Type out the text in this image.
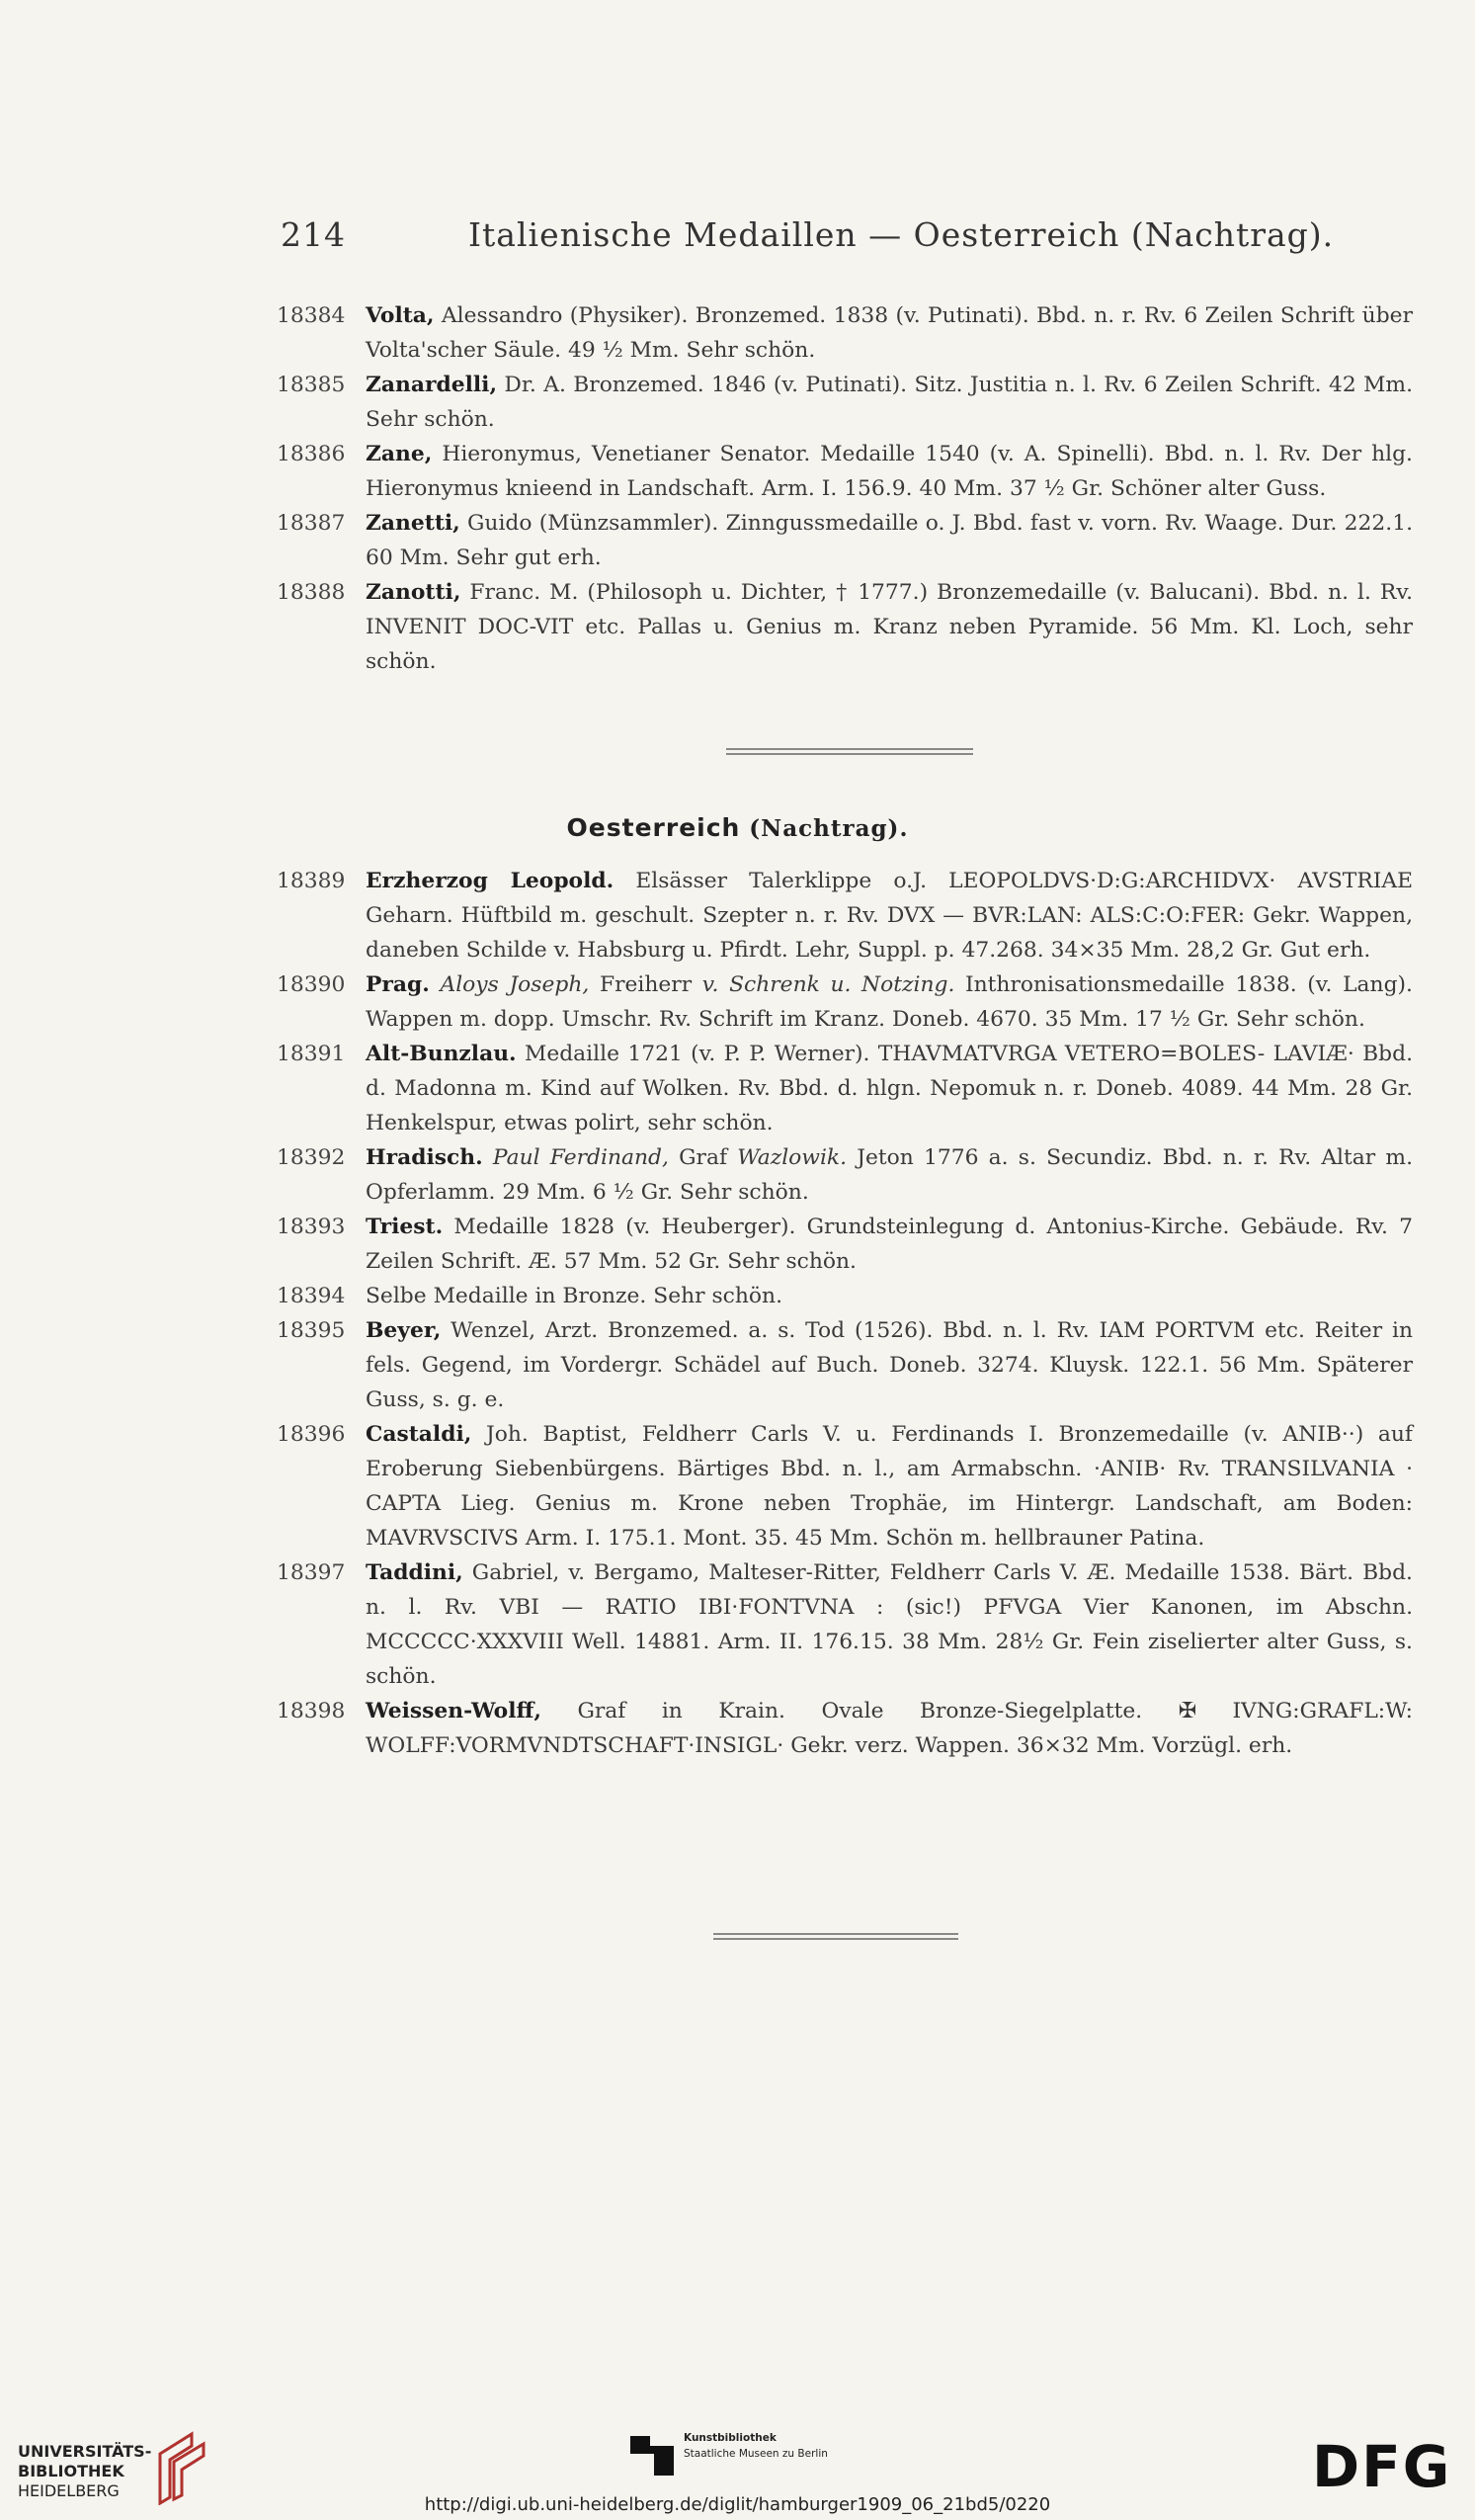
214	Italienische Medaillen — Oesterreich (Nachtrag).
18384 Volta, Alessandro (Physiker). Bronzemed. 1838 (v. Putinati). Bbd. n. r. Rv. 6 Zeilen Schrift über Volta'scher Säule. 49 ½ Mm. Sehr schön.
18385 Zanardelli, Dr. A. Bronzemed. 1846 (v. Putinati). Sitz. Justitia n. l. Rv. 6 Zeilen Schrift. 42 Mm. Sehr schön.
18386 Zane, Hieronymus, Venetianer Senator. Medaille 1540 (v. A. Spinelli). Bbd. n. l. Rv. Der hlg. Hieronymus knieend in Landschaft. Arm. I. 156.9. 40 Mm. 37 ½ Gr. Schöner alter Guss.
18387 Zanetti, Guido (Münzsammler). Zinngussmedaille o. J. Bbd. fast v. vorn. Rv. Waage. Dur. 222.1. 60 Mm. Sehr gut erh.
18388 Zanotti, Franc. M. (Philosoph u. Dichter, † 1777.) Bronzemedaille (v. Balucani). Bbd. n. l. Rv. INVENIT DOC-VIT etc. Pallas u. Genius m. Kranz neben Pyramide. 56 Mm. Kl. Loch, sehr schön.
Oesterreich (Nachtrag).
18389 Erzherzog Leopold. Elsässer Talerklippe o.J. LEOPOLDVS·D:G:ARCHIDVX· AVSTRIAE Geharn. Hüftbild m. geschult. Szepter n. r. Rv. DVX — BVR:LAN: ALS:C:O:FER: Gekr. Wappen, daneben Schilde v. Habsburg u. Pfirdt. Lehr, Suppl. p. 47.268. 34×35 Mm. 28,2 Gr. Gut erh.
18390 Prag. Aloys Joseph, Freiherr v. Schrenk u. Notzing. Inthronisationsmedaille 1838. (v. Lang). Wappen m. dopp. Umschr. Rv. Schrift im Kranz. Doneb. 4670. 35 Mm. 17 ½ Gr. Sehr schön.
18391 Alt-Bunzlau. Medaille 1721 (v. P. P. Werner). THAVMATVRGA VETERO=BOLES- LAVIÆ· Bbd. d. Madonna m. Kind auf Wolken. Rv. Bbd. d. hlgn. Nepomuk n. r. Doneb. 4089. 44 Mm. 28 Gr. Henkelspur, etwas polirt, sehr schön.
18392 Hradisch. Paul Ferdinand, Graf Wazlowik. Jeton 1776 a. s. Secundiz. Bbd. n. r. Rv. Altar m. Opferlamm. 29 Mm. 6 ½ Gr. Sehr schön.
18393 Triest. Medaille 1828 (v. Heuberger). Grundsteinlegung d. Antonius-Kirche. Gebäude. Rv. 7 Zeilen Schrift. Æ. 57 Mm. 52 Gr. Sehr schön.
18394 Selbe Medaille in Bronze. Sehr schön.
18395 Beyer, Wenzel, Arzt. Bronzemed. a. s. Tod (1526). Bbd. n. l. Rv. IAM PORTVM etc. Reiter in fels. Gegend, im Vordergr. Schädel auf Buch. Doneb. 3274. Kluysk. 122.1. 56 Mm. Späterer Guss, s. g. e.
18396 Castaldi, Joh. Baptist, Feldherr Carls V. u. Ferdinands I. Bronzemedaille (v. ANIB··) auf Eroberung Siebenbürgens. Bärtiges Bbd. n. l., am Armabschn. ·ANIB· Rv. TRANSILVANIA · CAPTA Lieg. Genius m. Krone neben Trophäe, im Hintergr. Landschaft, am Boden: MAVRVSCIVS Arm. I. 175.1. Mont. 35. 45 Mm. Schön m. hellbrauner Patina.
18397 Taddini, Gabriel, v. Bergamo, Malteser-Ritter, Feldherr Carls V. Æ. Medaille 1538. Bärt. Bbd. n. l. Rv. VBI — RATIO IBI·FONTVNA : (sic!) PFVGA Vier Kanonen, im Abschn. MCCCCC·XXXVIII Well. 14881. Arm. II. 176.15. 38 Mm. 28½ Gr. Fein ziselierter alter Guss, s. schön.
18398 Weissen-Wolff, Graf in Krain. Ovale Bronze-Siegelplatte. ✠ IVNG:GRAFL:W: WOLFF:VORMVNDTSCHAFT·INSIGL· Gekr. verz. Wappen. 36×32 Mm. Vorzügl. erh.
UNIVERSITÄTS-
BIBLIOTHEK
HEIDELBERG
Kunstbibliothek
Staatliche Museen zu Berlin	DFG
http://digi.ub.uni-heidelberg.de/diglit/hamburger1909_06_21bd5/0220
